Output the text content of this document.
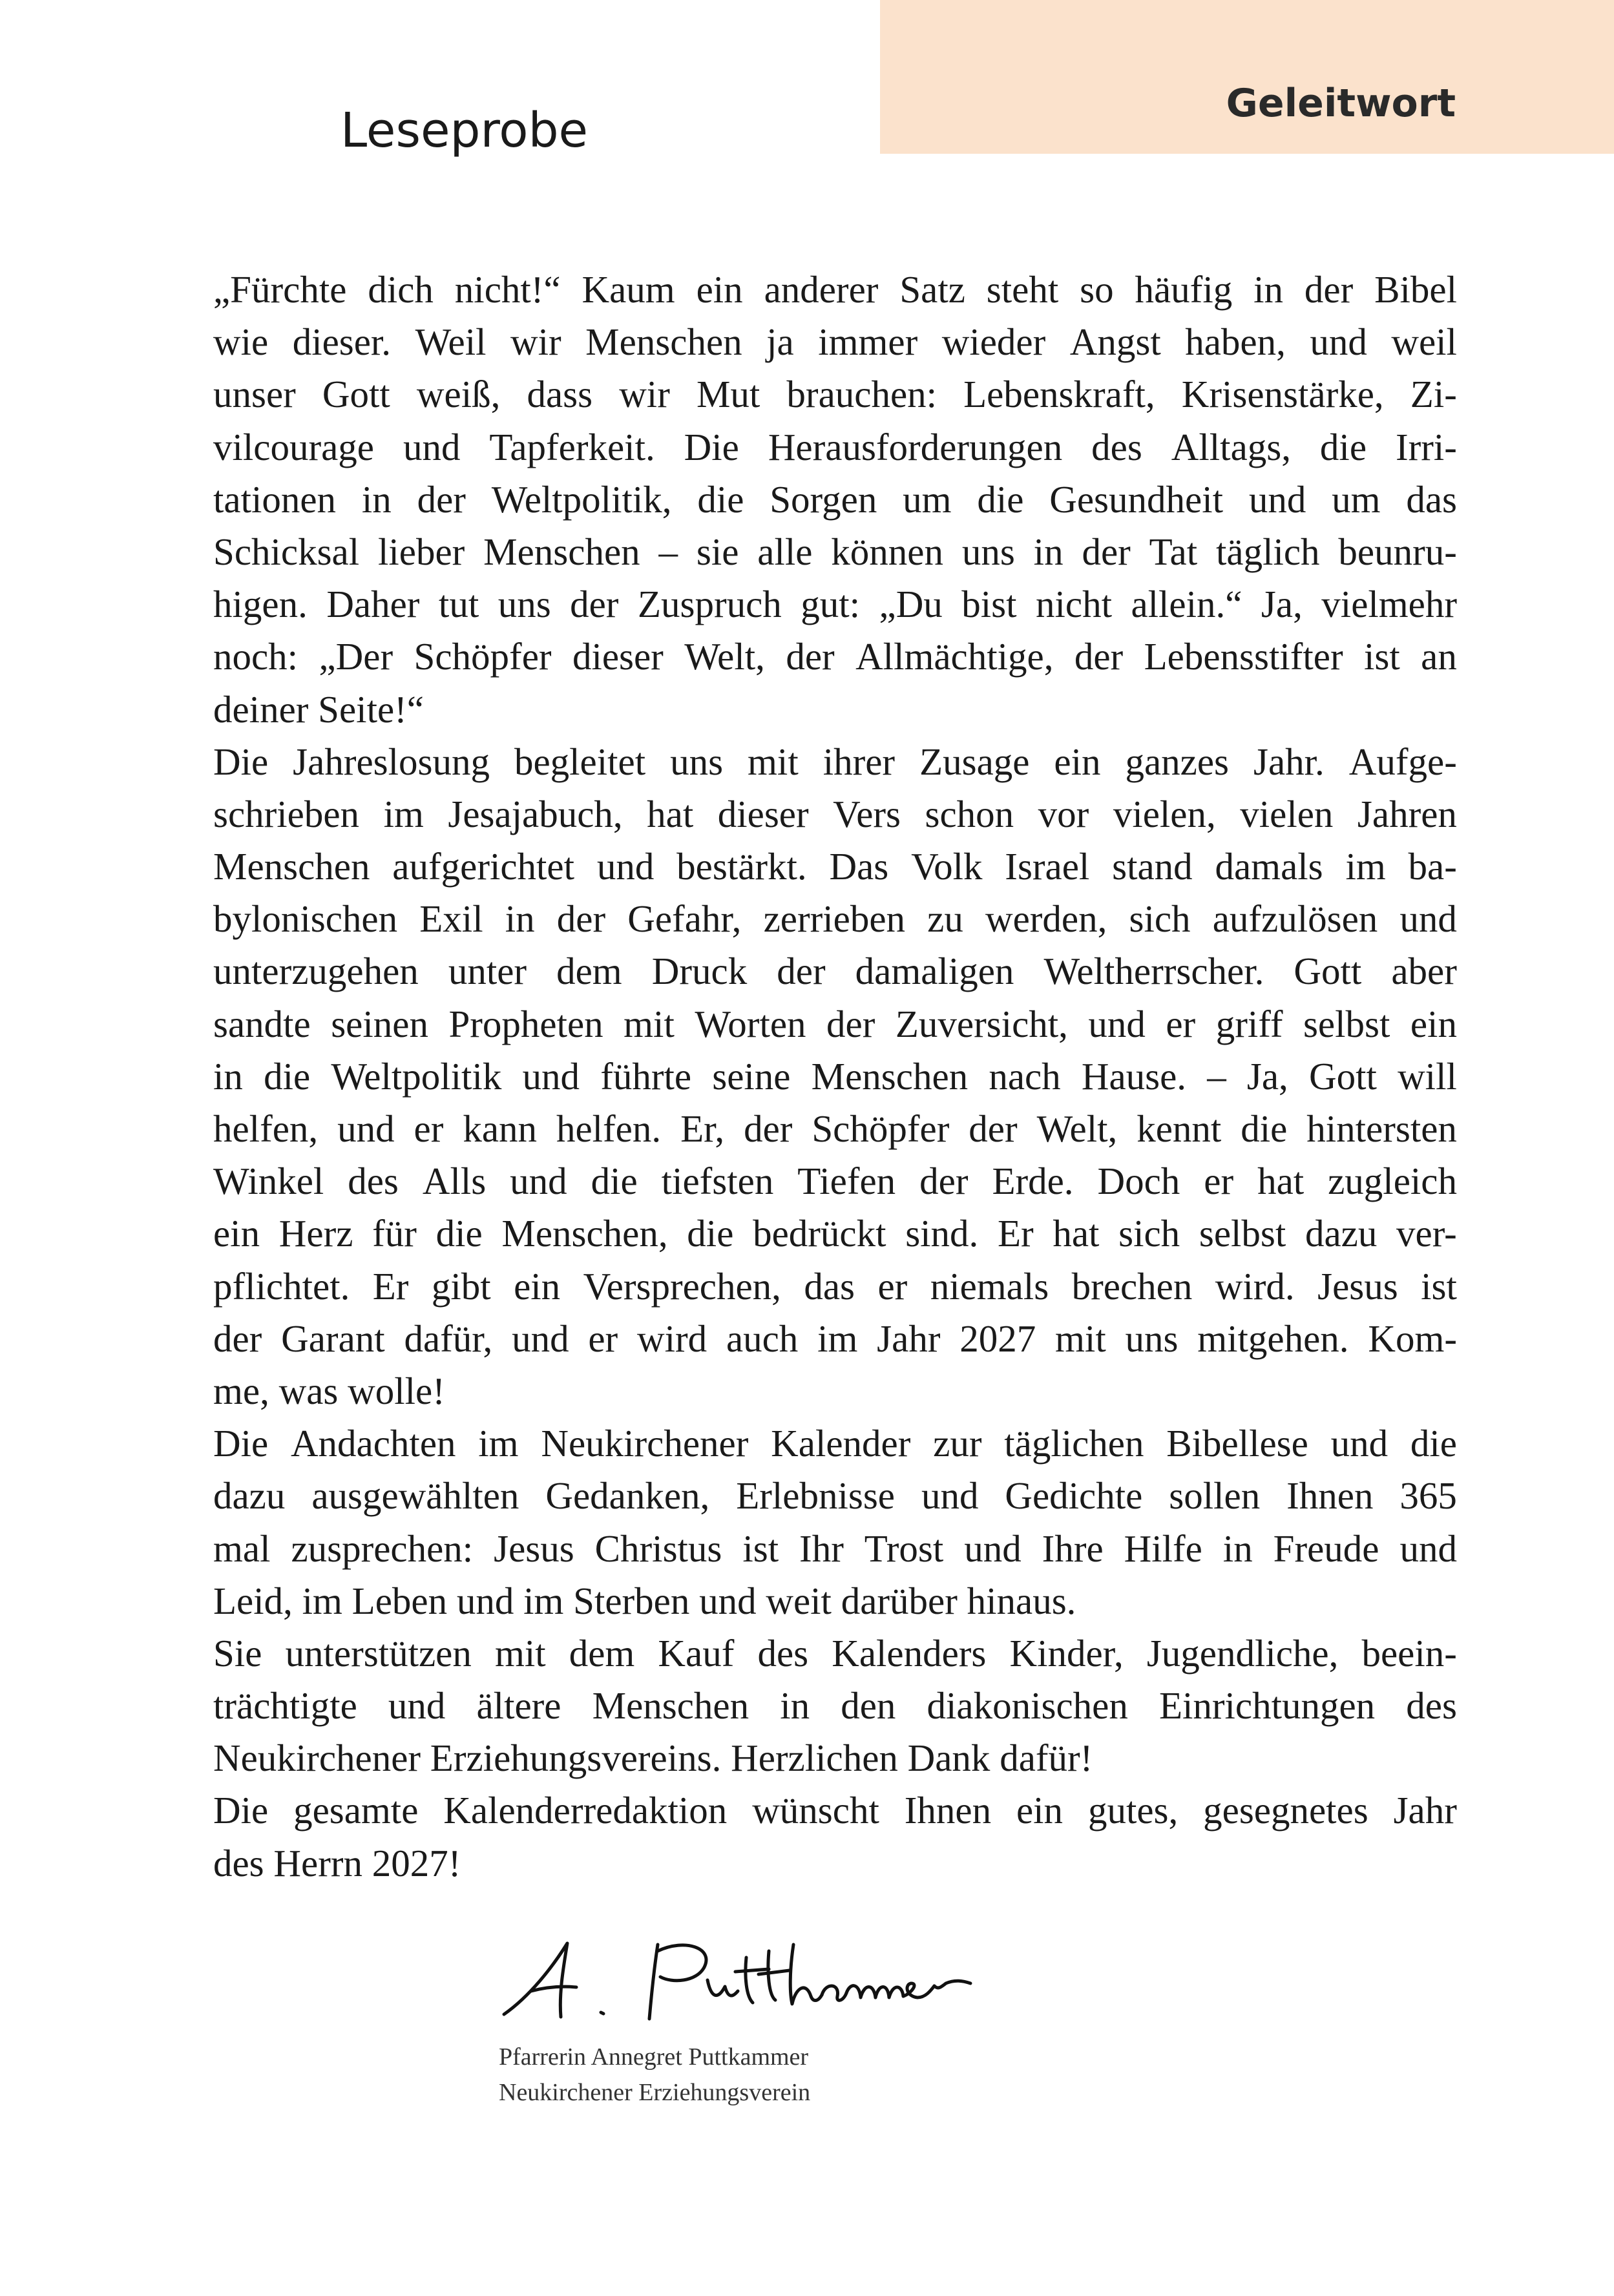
Leseprobe	Geleitwort
„Fürchte dich nicht!“ Kaum ein anderer Satz steht so häufig in der Bibel
wie dieser. Weil wir Menschen ja immer wieder Angst haben, und weil
unser Gott weiß, dass wir Mut brauchen: Lebenskraft, Krisenstärke, Zi-
vilcourage und Tapferkeit. Die Herausforderungen des Alltags, die Irri-
tationen in der Weltpolitik, die Sorgen um die Gesundheit und um das
Schicksal lieber Menschen – sie alle können uns in der Tat täglich beunru-
higen. Daher tut uns der Zuspruch gut: „Du bist nicht allein.“ Ja, vielmehr
noch: „Der Schöpfer dieser Welt, der Allmächtige, der Lebensstifter ist an
deiner Seite!“
Die Jahreslosung begleitet uns mit ihrer Zusage ein ganzes Jahr. Aufge-
schrieben im Jesajabuch, hat dieser Vers schon vor vielen, vielen Jahren
Menschen aufgerichtet und bestärkt. Das Volk Israel stand damals im ba-
bylonischen Exil in der Gefahr, zerrieben zu werden, sich aufzulösen und
unterzugehen unter dem Druck der damaligen Weltherrscher. Gott aber
sandte seinen Propheten mit Worten der Zuversicht, und er griff selbst ein
in die Weltpolitik und führte seine Menschen nach Hause. – Ja, Gott will
helfen, und er kann helfen. Er, der Schöpfer der Welt, kennt die hintersten
Winkel des Alls und die tiefsten Tiefen der Erde. Doch er hat zugleich
ein Herz für die Menschen, die bedrückt sind. Er hat sich selbst dazu ver-
pflichtet. Er gibt ein Versprechen, das er niemals brechen wird. Jesus ist
der Garant dafür, und er wird auch im Jahr 2027 mit uns mitgehen. Kom-
me, was wolle!
Die Andachten im Neukirchener Kalender zur täglichen Bibellese und die
dazu ausgewählten Gedanken, Erlebnisse und Gedichte sollen Ihnen 365
mal zusprechen: Jesus Christus ist Ihr Trost und Ihre Hilfe in Freude und
Leid, im Leben und im Sterben und weit darüber hinaus.
Sie unterstützen mit dem Kauf des Kalenders Kinder, Jugendliche, beein-
trächtigte und ältere Menschen in den diakonischen Einrichtungen des
Neukirchener Erziehungsvereins. Herzlichen Dank dafür!
Die gesamte Kalenderredaktion wünscht Ihnen ein gutes, gesegnetes Jahr
des Herrn 2027!
Pfarrerin Annegret Puttkammer
Neukirchener Erziehungsverein
